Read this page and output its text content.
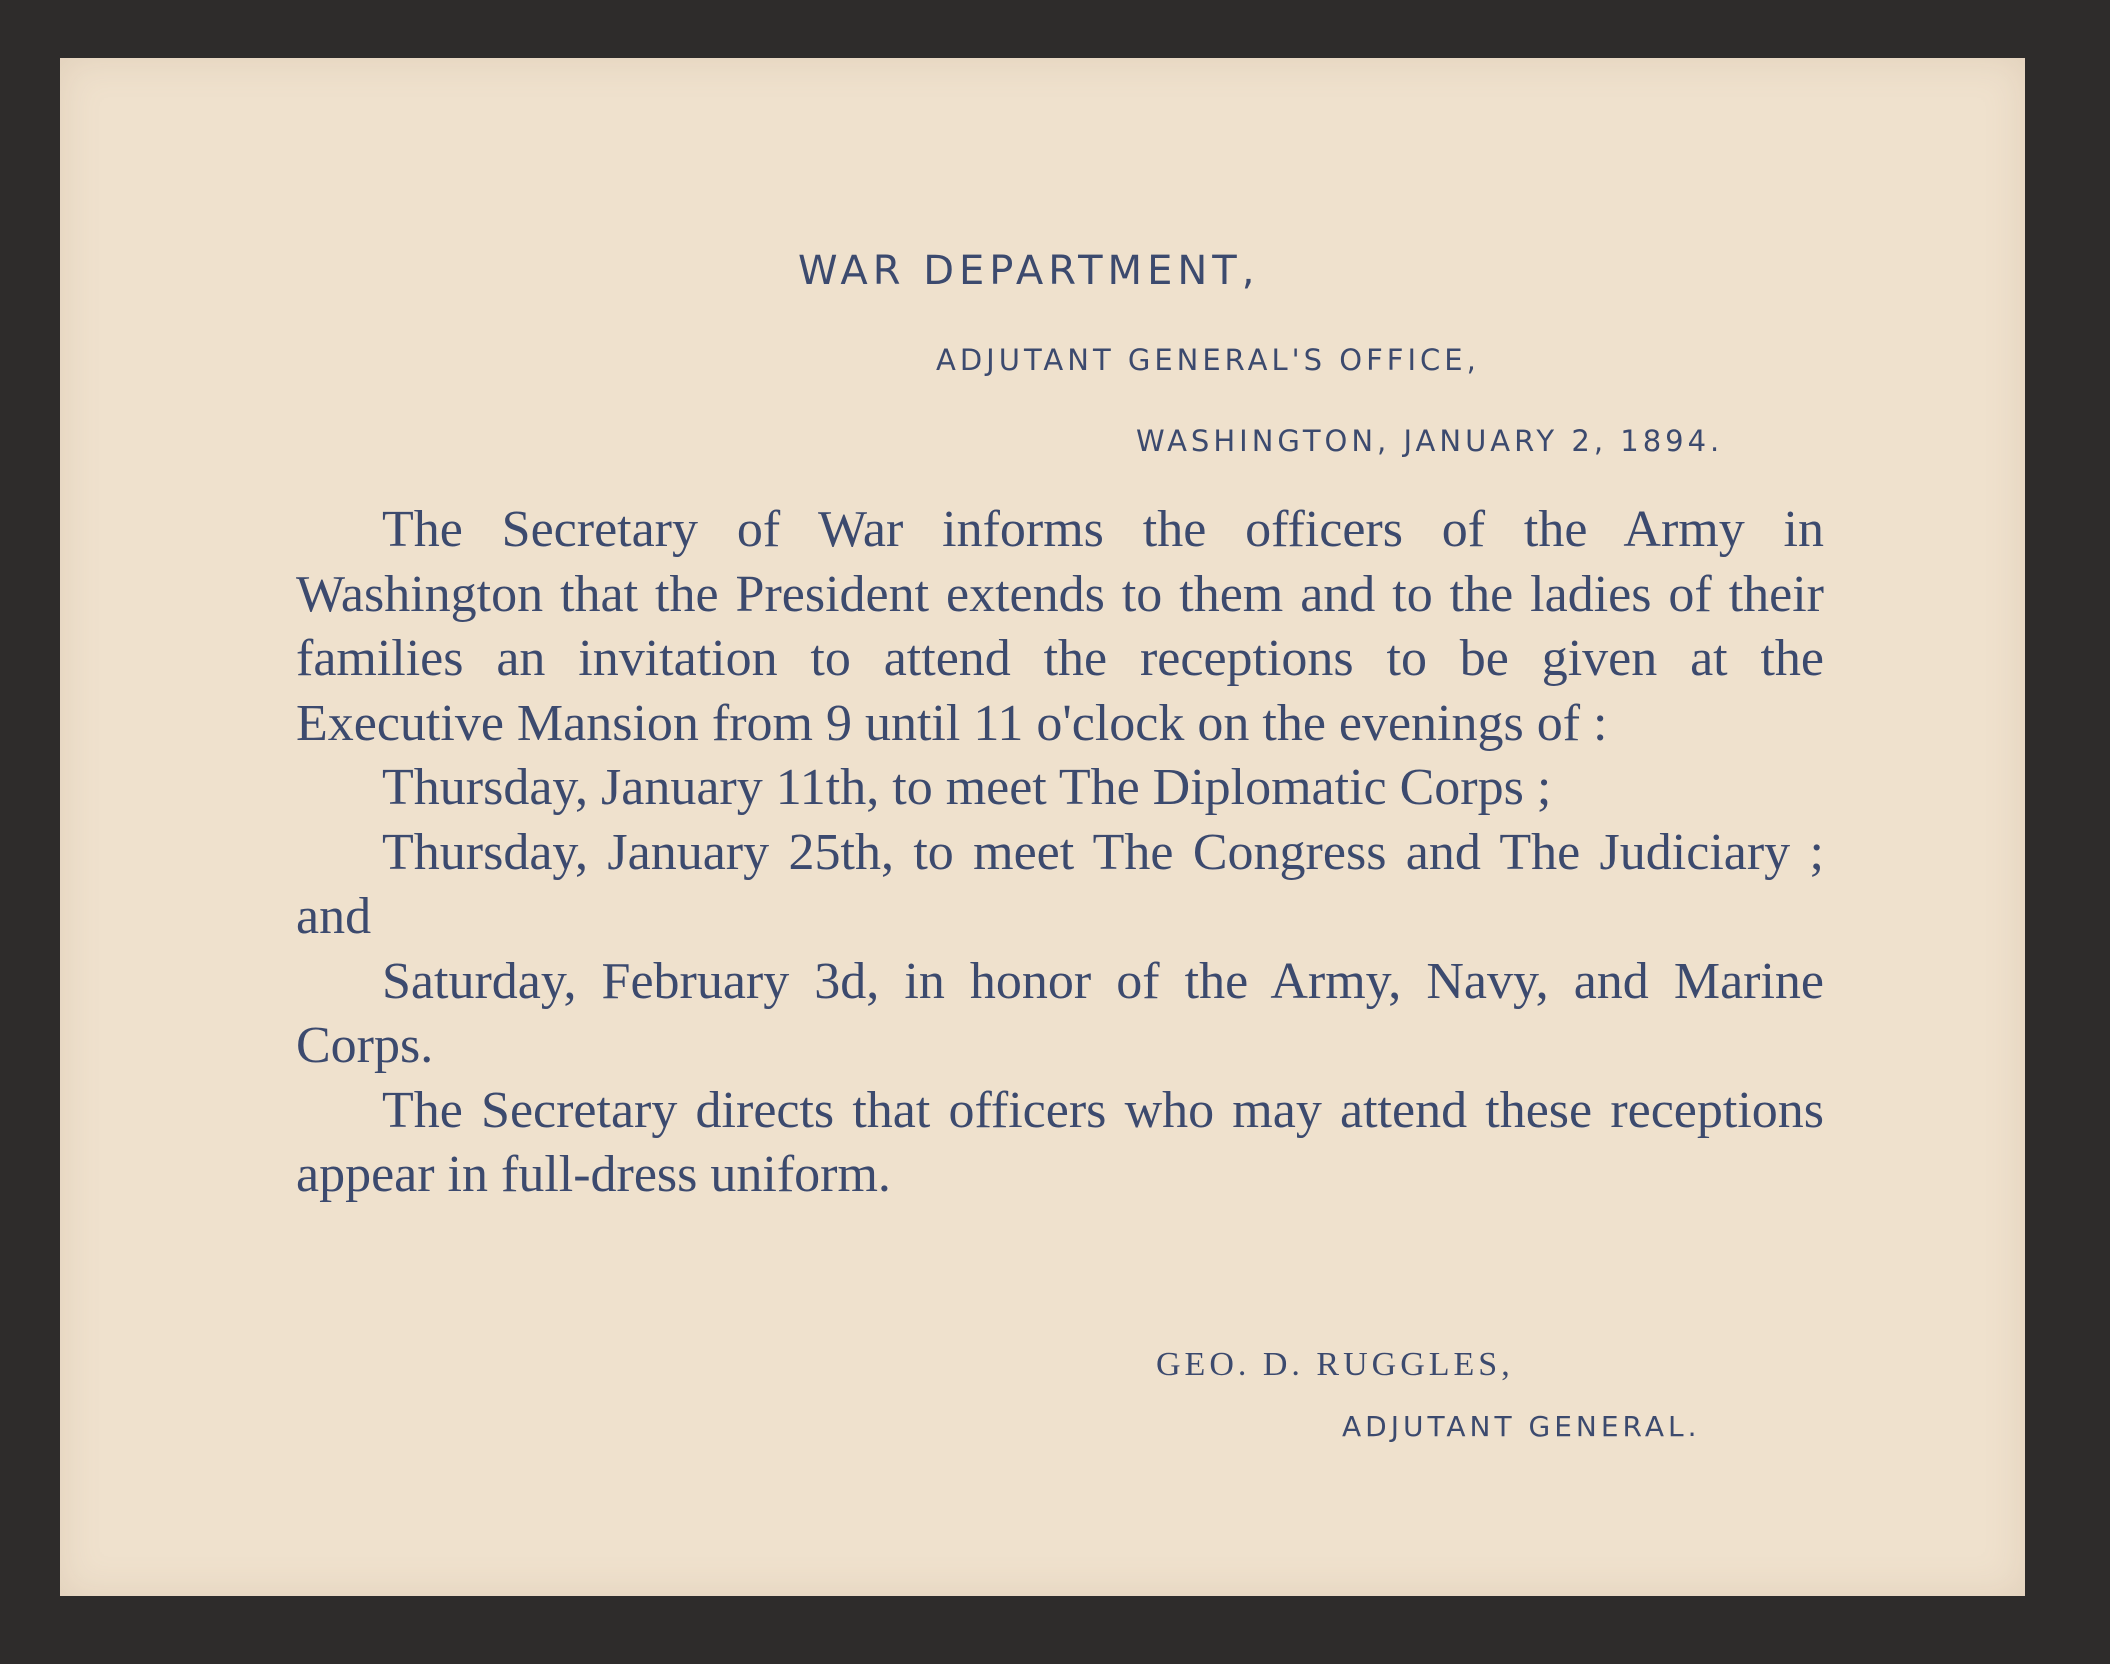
WAR DEPARTMENT,
ADJUTANT GENERAL'S OFFICE,
WASHINGTON, JANUARY 2, 1894.

The Secretary of War informs the officers of the Army in Washington that the President extends to them and to the ladies of their families an invitation to attend the receptions to be given at the Executive Mansion from 9 until 11 o'clock on the evenings of :

Thursday, January 11th, to meet The Diplomatic Corps ;

Thursday, January 25th, to meet The Congress and The Judiciary ; and

Saturday, February 3d, in honor of the Army, Navy, and Marine Corps.

The Secretary directs that officers who may attend these receptions appear in full-dress uniform.

GEO. D. RUGGLES,
ADJUTANT GENERAL.
